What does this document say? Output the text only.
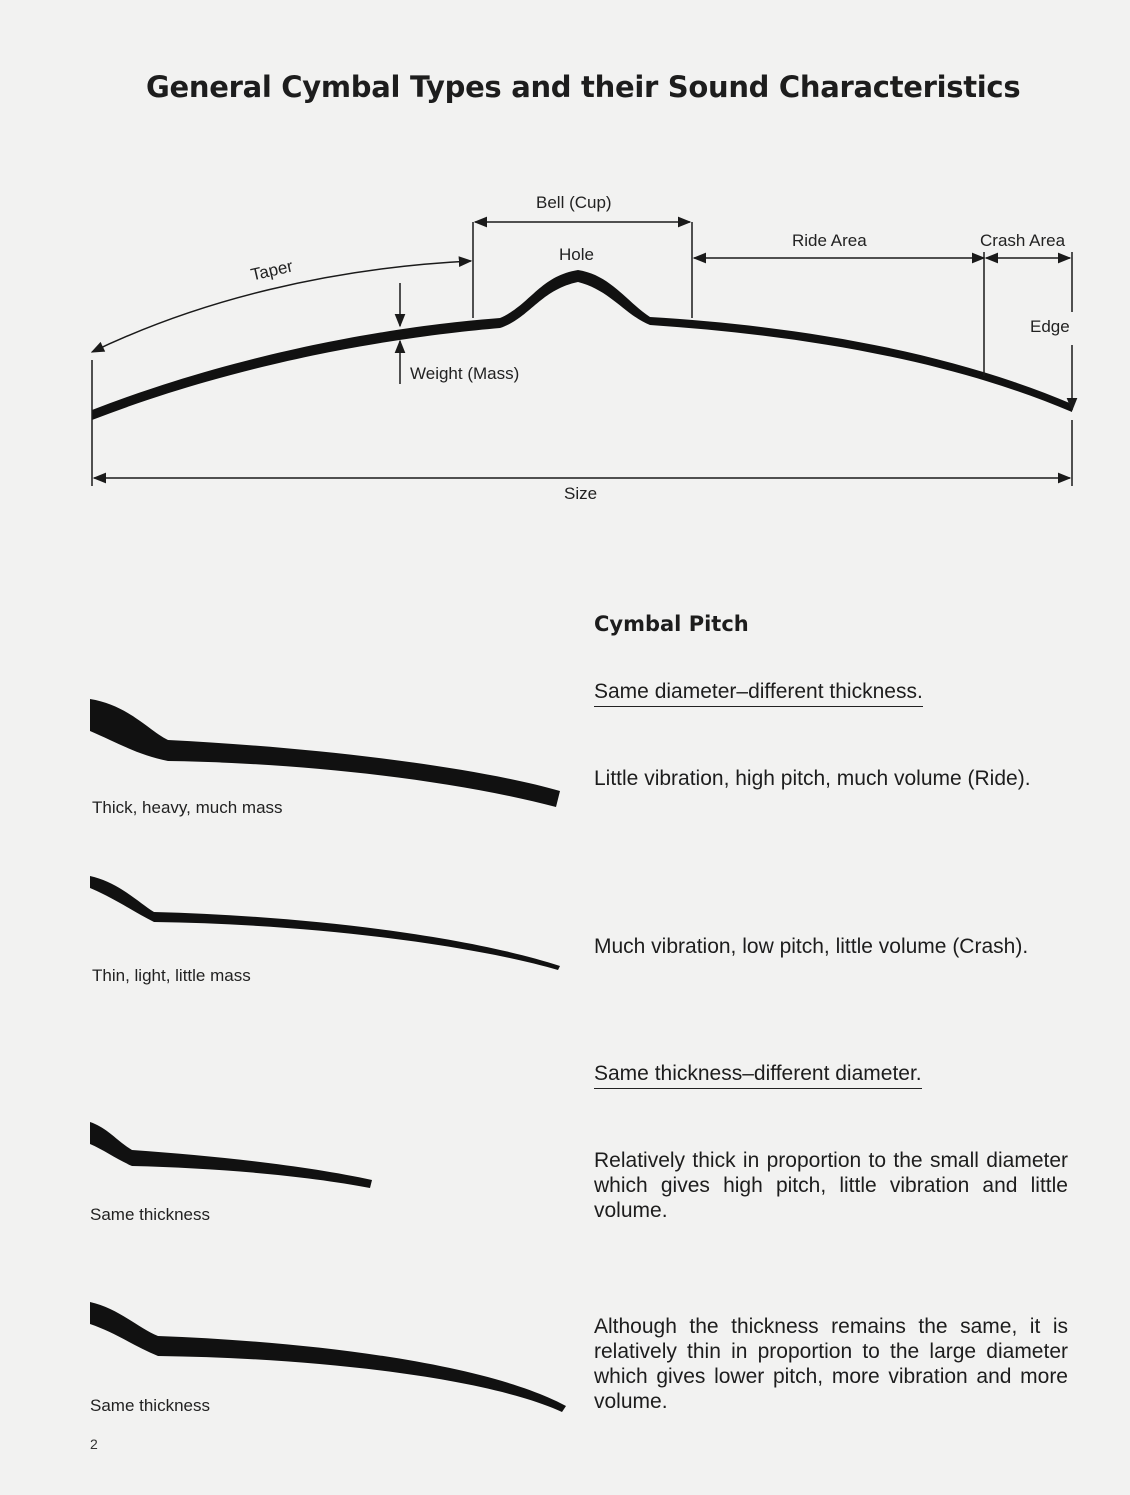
General Cymbal Types and their Sound Characteristics
Bell (Cup)
Hole
Taper
Ride Area	Crash Area
Edge
Weight (Mass)
Size
Thick, heavy, much mass
Thin, light, little mass
Same thickness
Same thickness
Cymbal Pitch
Same diameter–different thickness.
Little vibration, high pitch, much volume (Ride).
Much vibration, low pitch, little volume (Crash).
Same thickness–different diameter.
Relatively thick in proportion to the small diameter which gives high pitch, little vibration and little volume.
Although the thickness remains the same, it is relatively thin in proportion to the large diameter which gives lower pitch, more vibration and more volume.
2
